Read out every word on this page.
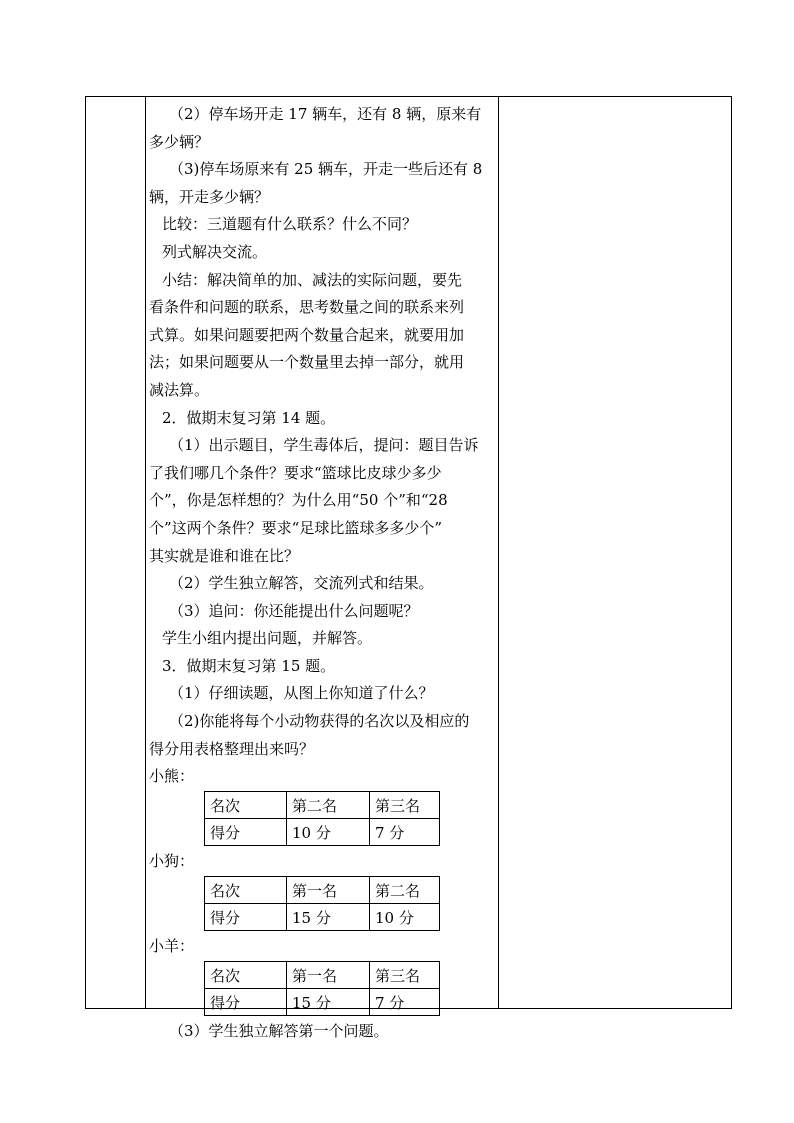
（2）停车场开走 17 辆车，还有 8 辆，原来有

多少辆？

（3)停车场原来有 25 辆车，开走一些后还有 8

辆，开走多少辆？

比较：三道题有什么联系？什么不同？

列式解决交流。

小结：解决简单的加、减法的实际问题，要先

看条件和问题的联系，思考数量之间的联系来列

式算。如果问题要把两个数量合起来，就要用加

法；如果问题要从一个数量里去掉一部分，就用

减法算。

2．做期末复习第 14 题。

（1）出示题目，学生毒体后，提问：题目告诉

了我们哪几个条件？要求“篮球比皮球少多少

个”，你是怎样想的？为什么用“50 个”和“28

个”这两个条件？要求“足球比篮球多多少个”

其实就是谁和谁在比？

（2）学生独立解答，交流列式和结果。

（3）追问：你还能提出什么问题呢？

学生小组内提出问题，并解答。

3．做期末复习第 15 题。

（1）仔细读题，从图上你知道了什么？

（2)你能将每个小动物获得的名次以及相应的

得分用表格整理出来吗？

小熊：

名次	第二名	第三名
得分	10 分	7 分

小狗：

名次	第一名	第二名
得分	15 分	10 分

小羊：

名次	第一名	第三名
得分	15 分	7 分

（3）学生独立解答第一个问题。
